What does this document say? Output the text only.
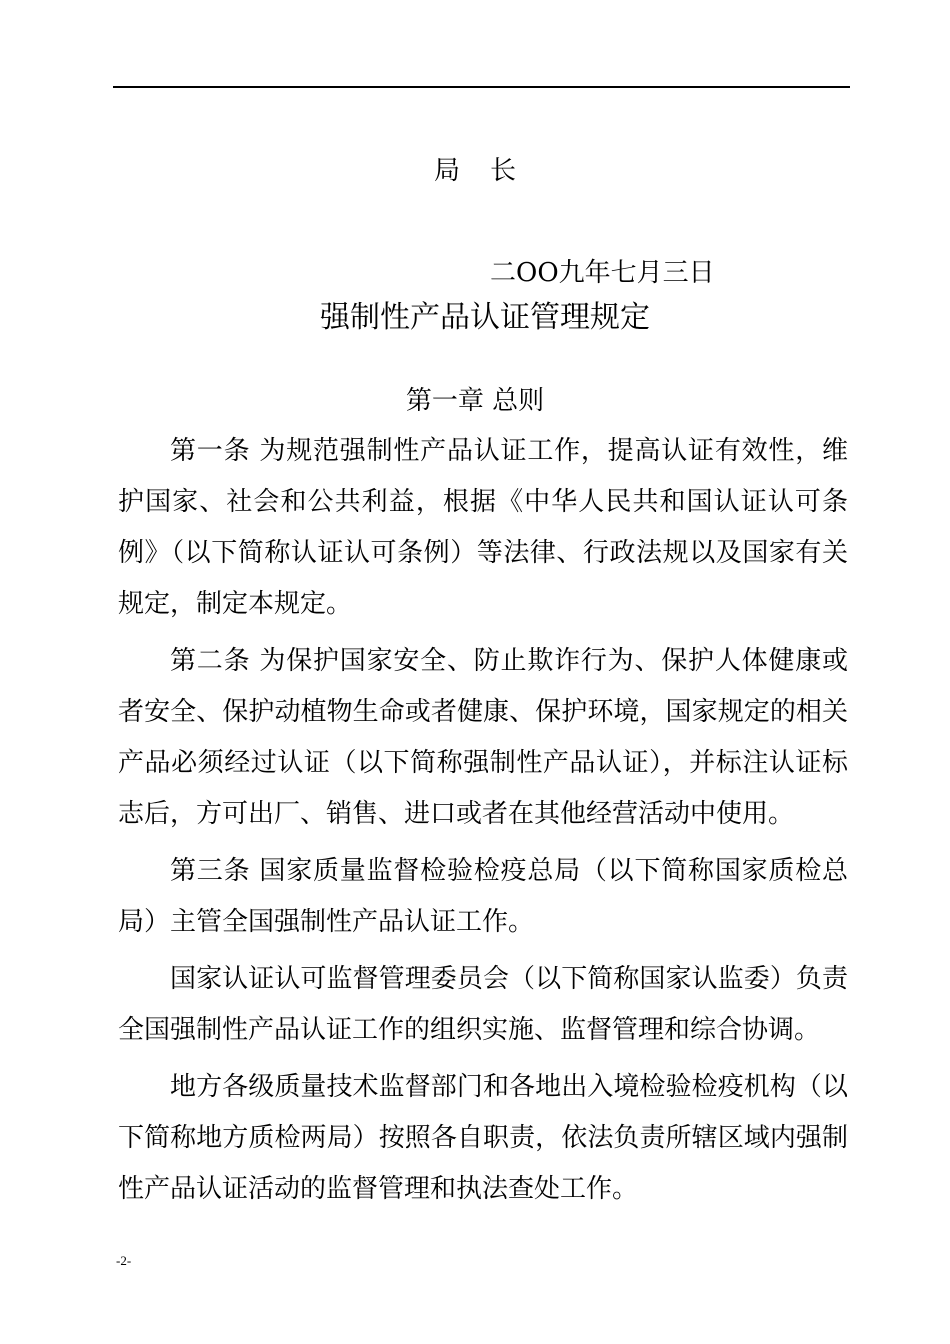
局 长
二OO九年七月三日
强制性产品认证管理规定
第一章 总则

第一条 为规范强制性产品认证工作，提高认证有效性，维护国家、社会和公共利益，根据《中华人民共和国认证认可条例》（以下简称认证认可条例）等法律、行政法规以及国家有关规定，制定本规定。

第二条 为保护国家安全、防止欺诈行为、保护人体健康或者安全、保护动植物生命或者健康、保护环境，国家规定的相关产品必须经过认证（以下简称强制性产品认证），并标注认证标志后，方可出厂、销售、进口或者在其他经营活动中使用。

第三条 国家质量监督检验检疫总局（以下简称国家质检总局）主管全国强制性产品认证工作。

国家认证认可监督管理委员会（以下简称国家认监委）负责全国强制性产品认证工作的组织实施、监督管理和综合协调。

地方各级质量技术监督部门和各地出入境检验检疫机构（以下简称地方质检两局）按照各自职责，依法负责所辖区域内强制性产品认证活动的监督管理和执法查处工作。

-2-
